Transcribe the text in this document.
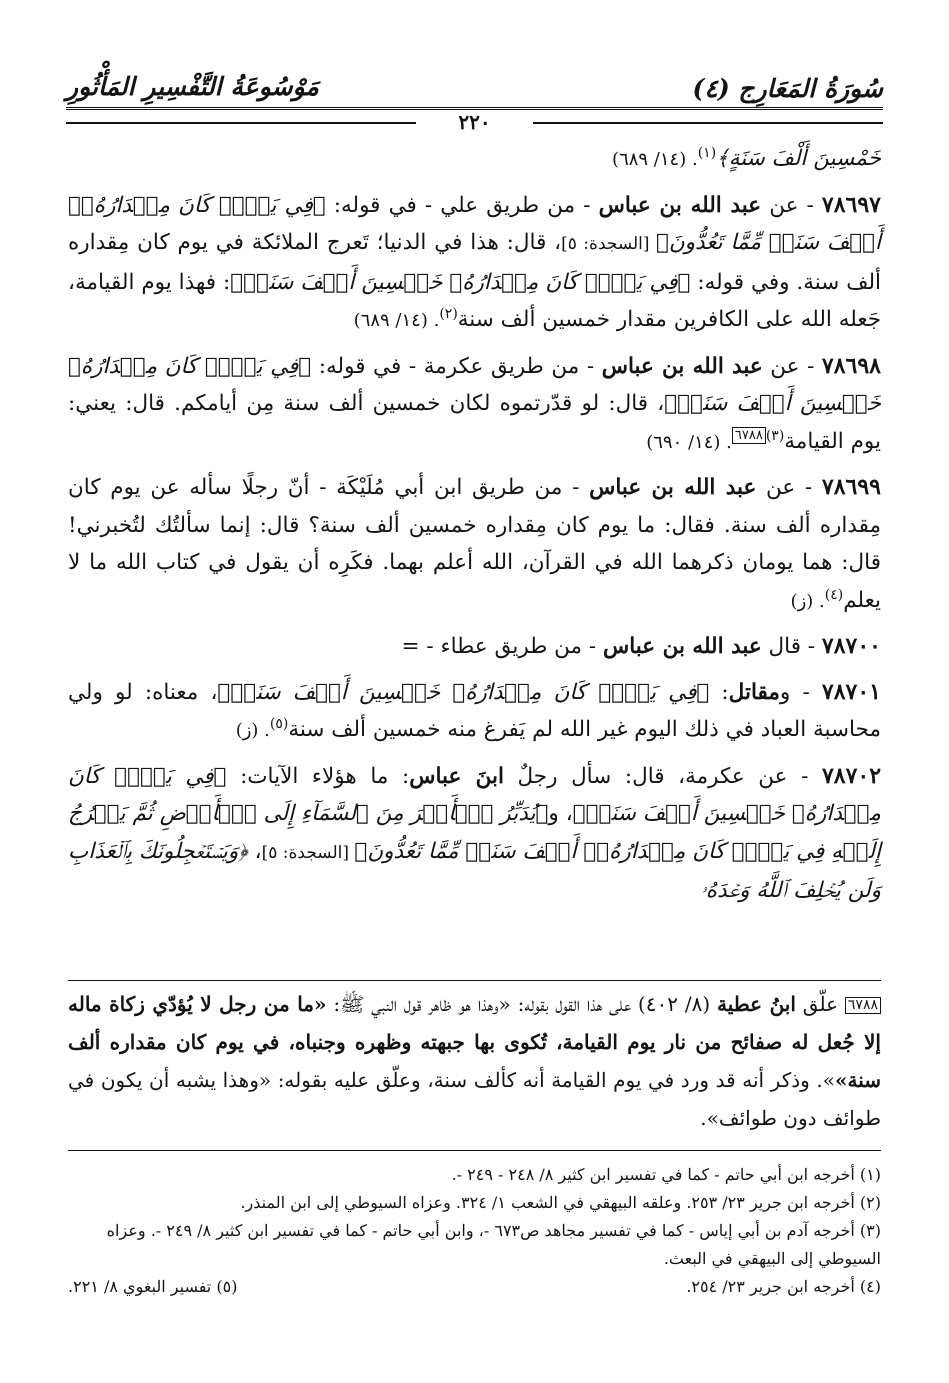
سُورَةُ المَعَارِج (٤)
مَوْسُوعَةُ التَّفْسِيرِ المَأْثُورِ
٢٢٠

خَمْسِينَ أَلْفَ سَنَةٍ﴾$^{(١)}$. (١٤/ ٦٨٩)

٧٨٦٩٧ - عن عبد الله بن عباس - من طريق علي - في قوله: ﴿فِي يَوۡمٖ كَانَ مِقۡدَارُهُۥٓ أَلۡفَ سَنَةٖ مِّمَّا تَعُدُّونَ﴾ [السجدة: ٥]، قال: هذا في الدنيا؛ تَعرج الملائكة في يوم كان مِقداره ألف سنة. وفي قوله: ﴿فِي يَوۡمٖ كَانَ مِقۡدَارُهُۥ خَمۡسِينَ أَلۡفَ سَنَةٖ﴾: فهذا يوم القيامة، جَعله الله على الكافرين مقدار خمسين ألف سنة$^{(٢)}$. (١٤/ ٦٨٩)

٧٨٦٩٨ - عن عبد الله بن عباس - من طريق عكرمة - في قوله: ﴿فِي يَوۡمٖ كَانَ مِقۡدَارُهُۥ خَمۡسِينَ أَلۡفَ سَنَةٖ﴾، قال: لو قدّرتموه لكان خمسين ألف سنة مِن أيامكم. قال: يعني: يوم القيامة$^{(٣)}$٦٧٨٨. (١٤/ ٦٩٠)

٧٨٦٩٩ - عن عبد الله بن عباس - من طريق ابن أبي مُلَيْكَة - أنّ رجلًا سأله عن يوم كان مِقداره ألف سنة. فقال: ما يوم كان مِقداره خمسين ألف سنة؟ قال: إنما سألتُك لتُخبرني! قال: هما يومان ذكرهما الله في القرآن، الله أعلم بهما. فكَرِه أن يقول في كتاب الله ما لا يعلم$^{(٤)}$. (ز)

٧٨٧٠٠ - قال عبد الله بن عباس - من طريق عطاء - =

٧٨٧٠١ - ومقاتل: ﴿فِي يَوۡمٖ كَانَ مِقۡدَارُهُۥ خَمۡسِينَ أَلۡفَ سَنَةٖ﴾، معناه: لو ولي محاسبة العباد في ذلك اليوم غير الله لم يَفرغ منه خمسين ألف سنة$^{(٥)}$. (ز)

٧٨٧٠٢ - عن عكرمة، قال: سأل رجلٌ ابنَ عباس: ما هؤلاء الآيات: ﴿فِي يَوۡمٖ كَانَ مِقۡدَارُهُۥ خَمۡسِينَ أَلۡفَ سَنَةٖ﴾، و﴿يُدَبِّرُ ٱلۡأَمۡرَ مِنَ ٱلسَّمَآءِ إِلَى ٱلۡأَرۡضِ ثُمَّ يَعۡرُجُ إِلَيۡهِ فِي يَوۡمٖ كَانَ مِقۡدَارُهُۥٓ أَلۡفَ سَنَةٖ مِّمَّا تَعُدُّونَ﴾ [السجدة: ٥]، ﴿وَيَسۡتَعۡجِلُونَكَ بِٱلۡعَذَابِ وَلَن يُخۡلِفَ ٱللَّهُ وَعۡدَهُۥ

٦٧٨٨ علّق ابنُ عطية (٨/ ٤٠٢) على هذا القول بقوله: «وهذا هو ظاهر قول النبي ﷺ: «ما من رجل لا يُؤدّي زكاة ماله إلا جُعل له صفائح من نار يوم القيامة، تُكوى بها جبهته وظهره وجنباه، في يوم كان مقداره ألف سنة»». وذكر أنه قد ورد في يوم القيامة أنه كألف سنة، وعلّق عليه بقوله: «وهذا يشبه أن يكون في طوائف دون طوائف».

(١) أخرجه ابن أبي حاتم - كما في تفسير ابن كثير ٨/ ٢٤٨ - ٢٤٩ -.

(٢) أخرجه ابن جرير ٢٣/ ٢٥٣. وعلقه البيهقي في الشعب ١/ ٣٢٤. وعزاه السيوطي إلى ابن المنذر.

(٣) أخرجه آدم بن أبي إياس - كما في تفسير مجاهد ص٦٧٣ -، وابن أبي حاتم - كما في تفسير ابن كثير ٨/ ٢٤٩ -. وعزاه السيوطي إلى البيهقي في البعث.

(٤) أخرجه ابن جرير ٢٣/ ٢٥٤.
(٥) تفسير البغوي ٨/ ٢٢١.
